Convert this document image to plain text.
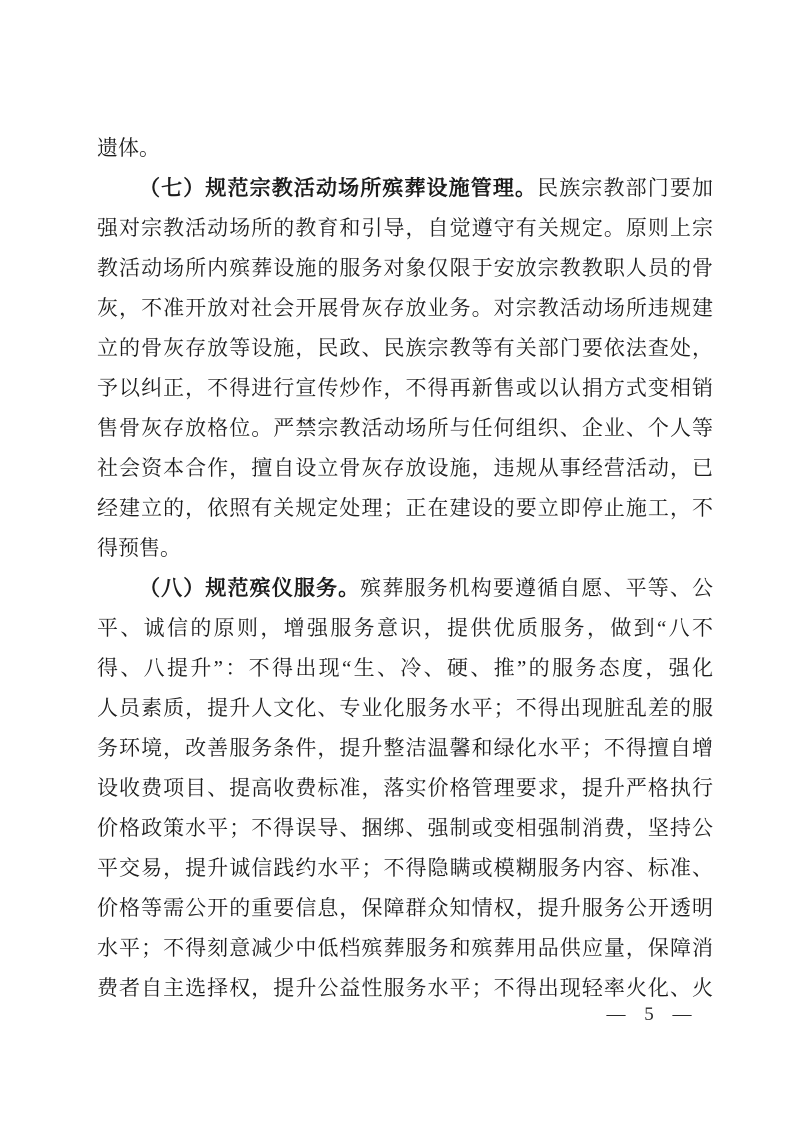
遗体。

（七）规范宗教活动场所殡葬设施管理。民族宗教部门要加

强对宗教活动场所的教育和引导，自觉遵守有关规定。原则上宗

教活动场所内殡葬设施的服务对象仅限于安放宗教教职人员的骨

灰，不准开放对社会开展骨灰存放业务。对宗教活动场所违规建

立的骨灰存放等设施，民政、民族宗教等有关部门要依法查处，

予以纠正，不得进行宣传炒作，不得再新售或以认捐方式变相销

售骨灰存放格位。严禁宗教活动场所与任何组织、企业、个人等

社会资本合作，擅自设立骨灰存放设施，违规从事经营活动，已

经建立的，依照有关规定处理；正在建设的要立即停止施工，不

得预售。

（八）规范殡仪服务。殡葬服务机构要遵循自愿、平等、公

平、诚信的原则，增强服务意识，提供优质服务，做到“八不

得、八提升”：不得出现“生、冷、硬、推”的服务态度，强化

人员素质，提升人文化、专业化服务水平；不得出现脏乱差的服

务环境，改善服务条件，提升整洁温馨和绿化水平；不得擅自增

设收费项目、提高收费标准，落实价格管理要求，提升严格执行

价格政策水平；不得误导、捆绑、强制或变相强制消费，坚持公

平交易，提升诚信践约水平；不得隐瞒或模糊服务内容、标准、

价格等需公开的重要信息，保障群众知情权，提升服务公开透明

水平；不得刻意减少中低档殡葬服务和殡葬用品供应量，保障消

费者自主选择权，提升公益性服务水平；不得出现轻率火化、火

— 5 —
